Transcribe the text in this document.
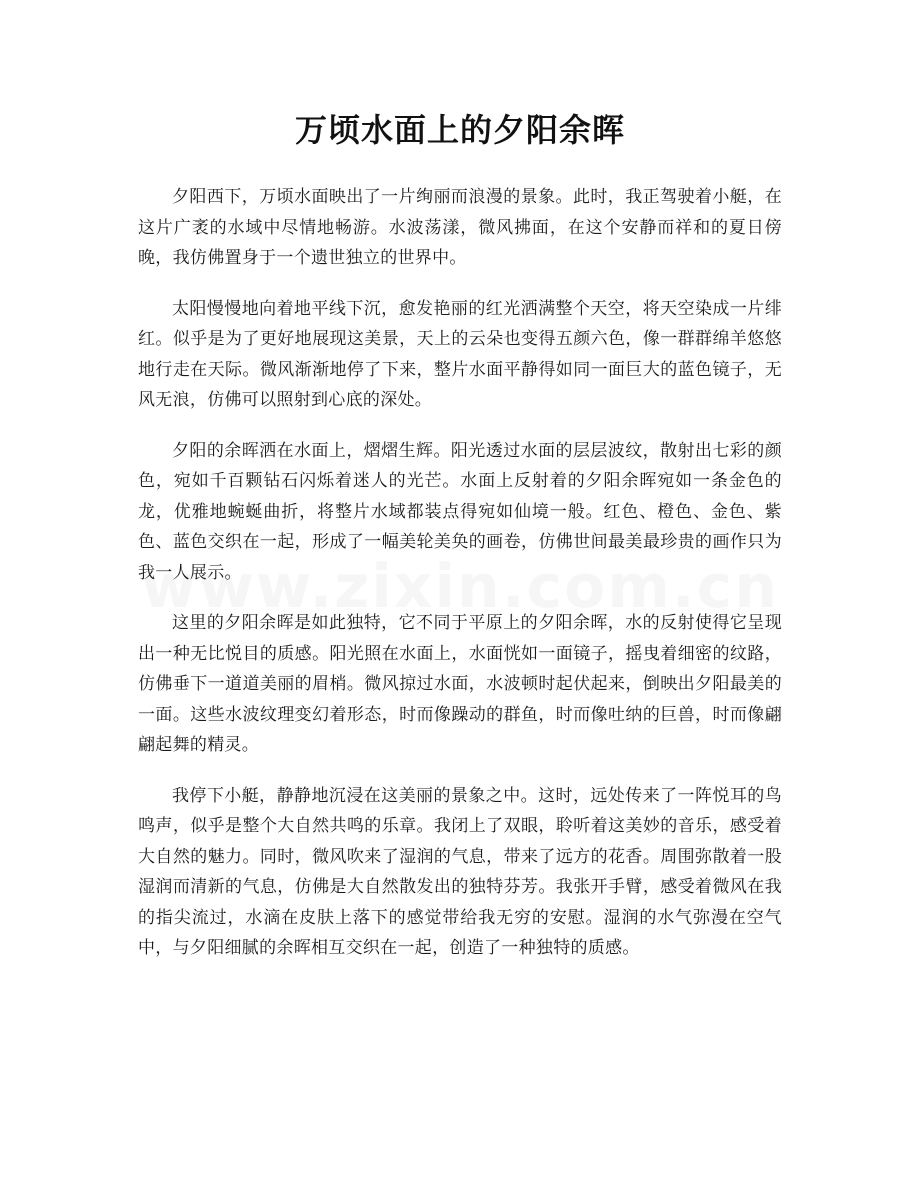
万顷水面上的夕阳余晖

夕阳西下，万顷水面映出了一片绚丽而浪漫的景象。此时，我正驾驶着小艇，在这片广袤的水域中尽情地畅游。水波荡漾，微风拂面，在这个安静而祥和的夏日傍晚，我仿佛置身于一个遗世独立的世界中。

太阳慢慢地向着地平线下沉，愈发艳丽的红光洒满整个天空，将天空染成一片绯红。似乎是为了更好地展现这美景，天上的云朵也变得五颜六色，像一群群绵羊悠悠地行走在天际。微风渐渐地停了下来，整片水面平静得如同一面巨大的蓝色镜子，无风无浪，仿佛可以照射到心底的深处。

夕阳的余晖洒在水面上，熠熠生辉。阳光透过水面的层层波纹，散射出七彩的颜色，宛如千百颗钻石闪烁着迷人的光芒。水面上反射着的夕阳余晖宛如一条金色的龙，优雅地蜿蜒曲折，将整片水域都装点得宛如仙境一般。红色、橙色、金色、紫色、蓝色交织在一起，形成了一幅美轮美奂的画卷，仿佛世间最美最珍贵的画作只为我一人展示。

这里的夕阳余晖是如此独特，它不同于平原上的夕阳余晖，水的反射使得它呈现出一种无比悦目的质感。阳光照在水面上，水面恍如一面镜子，摇曳着细密的纹路，仿佛垂下一道道美丽的眉梢。微风掠过水面，水波顿时起伏起来，倒映出夕阳最美的一面。这些水波纹理变幻着形态，时而像躁动的群鱼，时而像吐纳的巨兽，时而像翩翩起舞的精灵。

我停下小艇，静静地沉浸在这美丽的景象之中。这时，远处传来了一阵悦耳的鸟鸣声，似乎是整个大自然共鸣的乐章。我闭上了双眼，聆听着这美妙的音乐，感受着大自然的魅力。同时，微风吹来了湿润的气息，带来了远方的花香。周围弥散着一股湿润而清新的气息，仿佛是大自然散发出的独特芬芳。我张开手臂，感受着微风在我的指尖流过，水滴在皮肤上落下的感觉带给我无穷的安慰。湿润的水气弥漫在空气中，与夕阳细腻的余晖相互交织在一起，创造了一种独特的质感。
